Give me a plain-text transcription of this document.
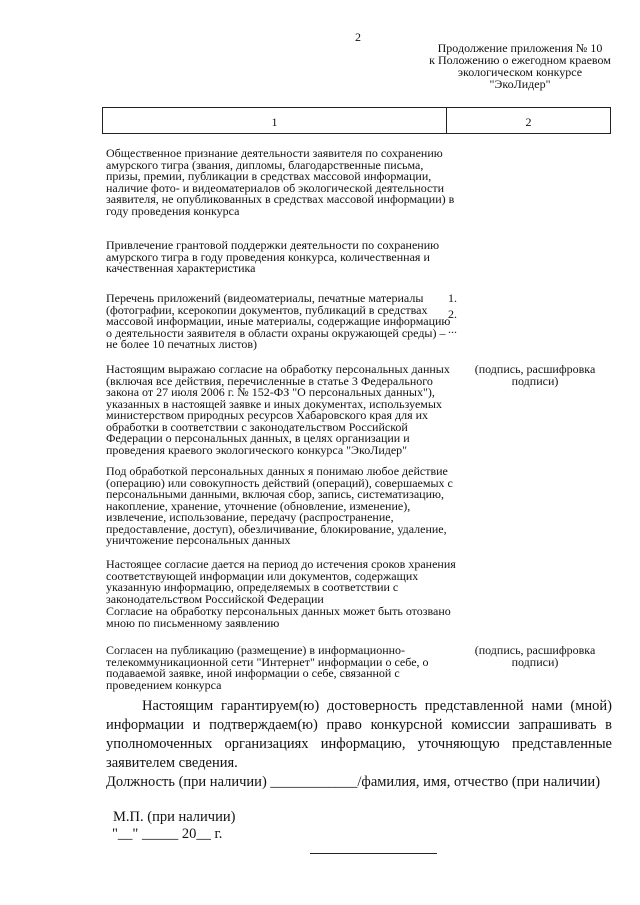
2
Продолжение приложения № 10
к Положению о ежегодном краевом
экологическом конкурсе
"ЭкоЛидер"
1	2
Общественное признание деятельности заявителя по сохранению амурского тигра (звания, дипломы, благодарственные письма, призы, премии, публикации в средствах массовой информации, наличие фото- и видеоматериалов об экологической деятельности заявителя, не опубликованных в средствах массовой информации) в году проведения конкурса
Привлечение грантовой поддержки деятельности по сохранению амурского тигра в году проведения конкурса, количественная и качественная характеристика
Перечень приложений (видеоматериалы, печатные материалы (фотографии, ксерокопии документов, публикаций в средствах массовой информации, иные материалы, содержащие информацию о деятельности заявителя в области охраны окружающей среды) – не более 10 печатных листов)
1.
2.
...
Настоящим выражаю согласие на обработку персональных данных (включая все действия, перечисленные в статье 3 Федерального закона от 27 июля 2006 г. № 152-ФЗ "О персональных данных"), указанных в настоящей заявке и иных документах, используемых министерством природных ресурсов Хабаровского края для их обработки в соответствии с законодательством Российской Федерации о персональных данных, в целях организации и проведения краевого экологического конкурса "ЭкоЛидер"
(подпись, расшифровка подписи)
Под обработкой персональных данных я понимаю любое действие (операцию) или совокупность действий (операций), совершаемых с персональными данными, включая сбор, запись, систематизацию, накопление, хранение, уточнение (обновление, изменение), извлечение, использование, передачу (распространение, предоставление, доступ), обезличивание, блокирование, удаление, уничтожение персональных данных
Настоящее согласие дается на период до истечения сроков хранения соответствующей информации или документов, содержащих указанную информацию, определяемых в соответствии с законодательством Российской Федерации
Согласие на обработку персональных данных может быть отозвано мною по письменному заявлению
Согласен на публикацию (размещение) в информационно-телекоммуникационной сети "Интернет" информации о себе, о подаваемой заявке, иной информации о себе, связанной с проведением конкурса
(подпись, расшифровка подписи)
Настоящим гарантируем(ю) достоверность представленной нами (мной) информации и подтверждаем(ю) право конкурсной комиссии запрашивать в уполномоченных организациях информацию, уточняющую представленные заявителем сведения.
Должность (при наличии) ____________/фамилия, имя, отчество (при наличии)
М.П. (при наличии)
"__" _____ 20__ г.
